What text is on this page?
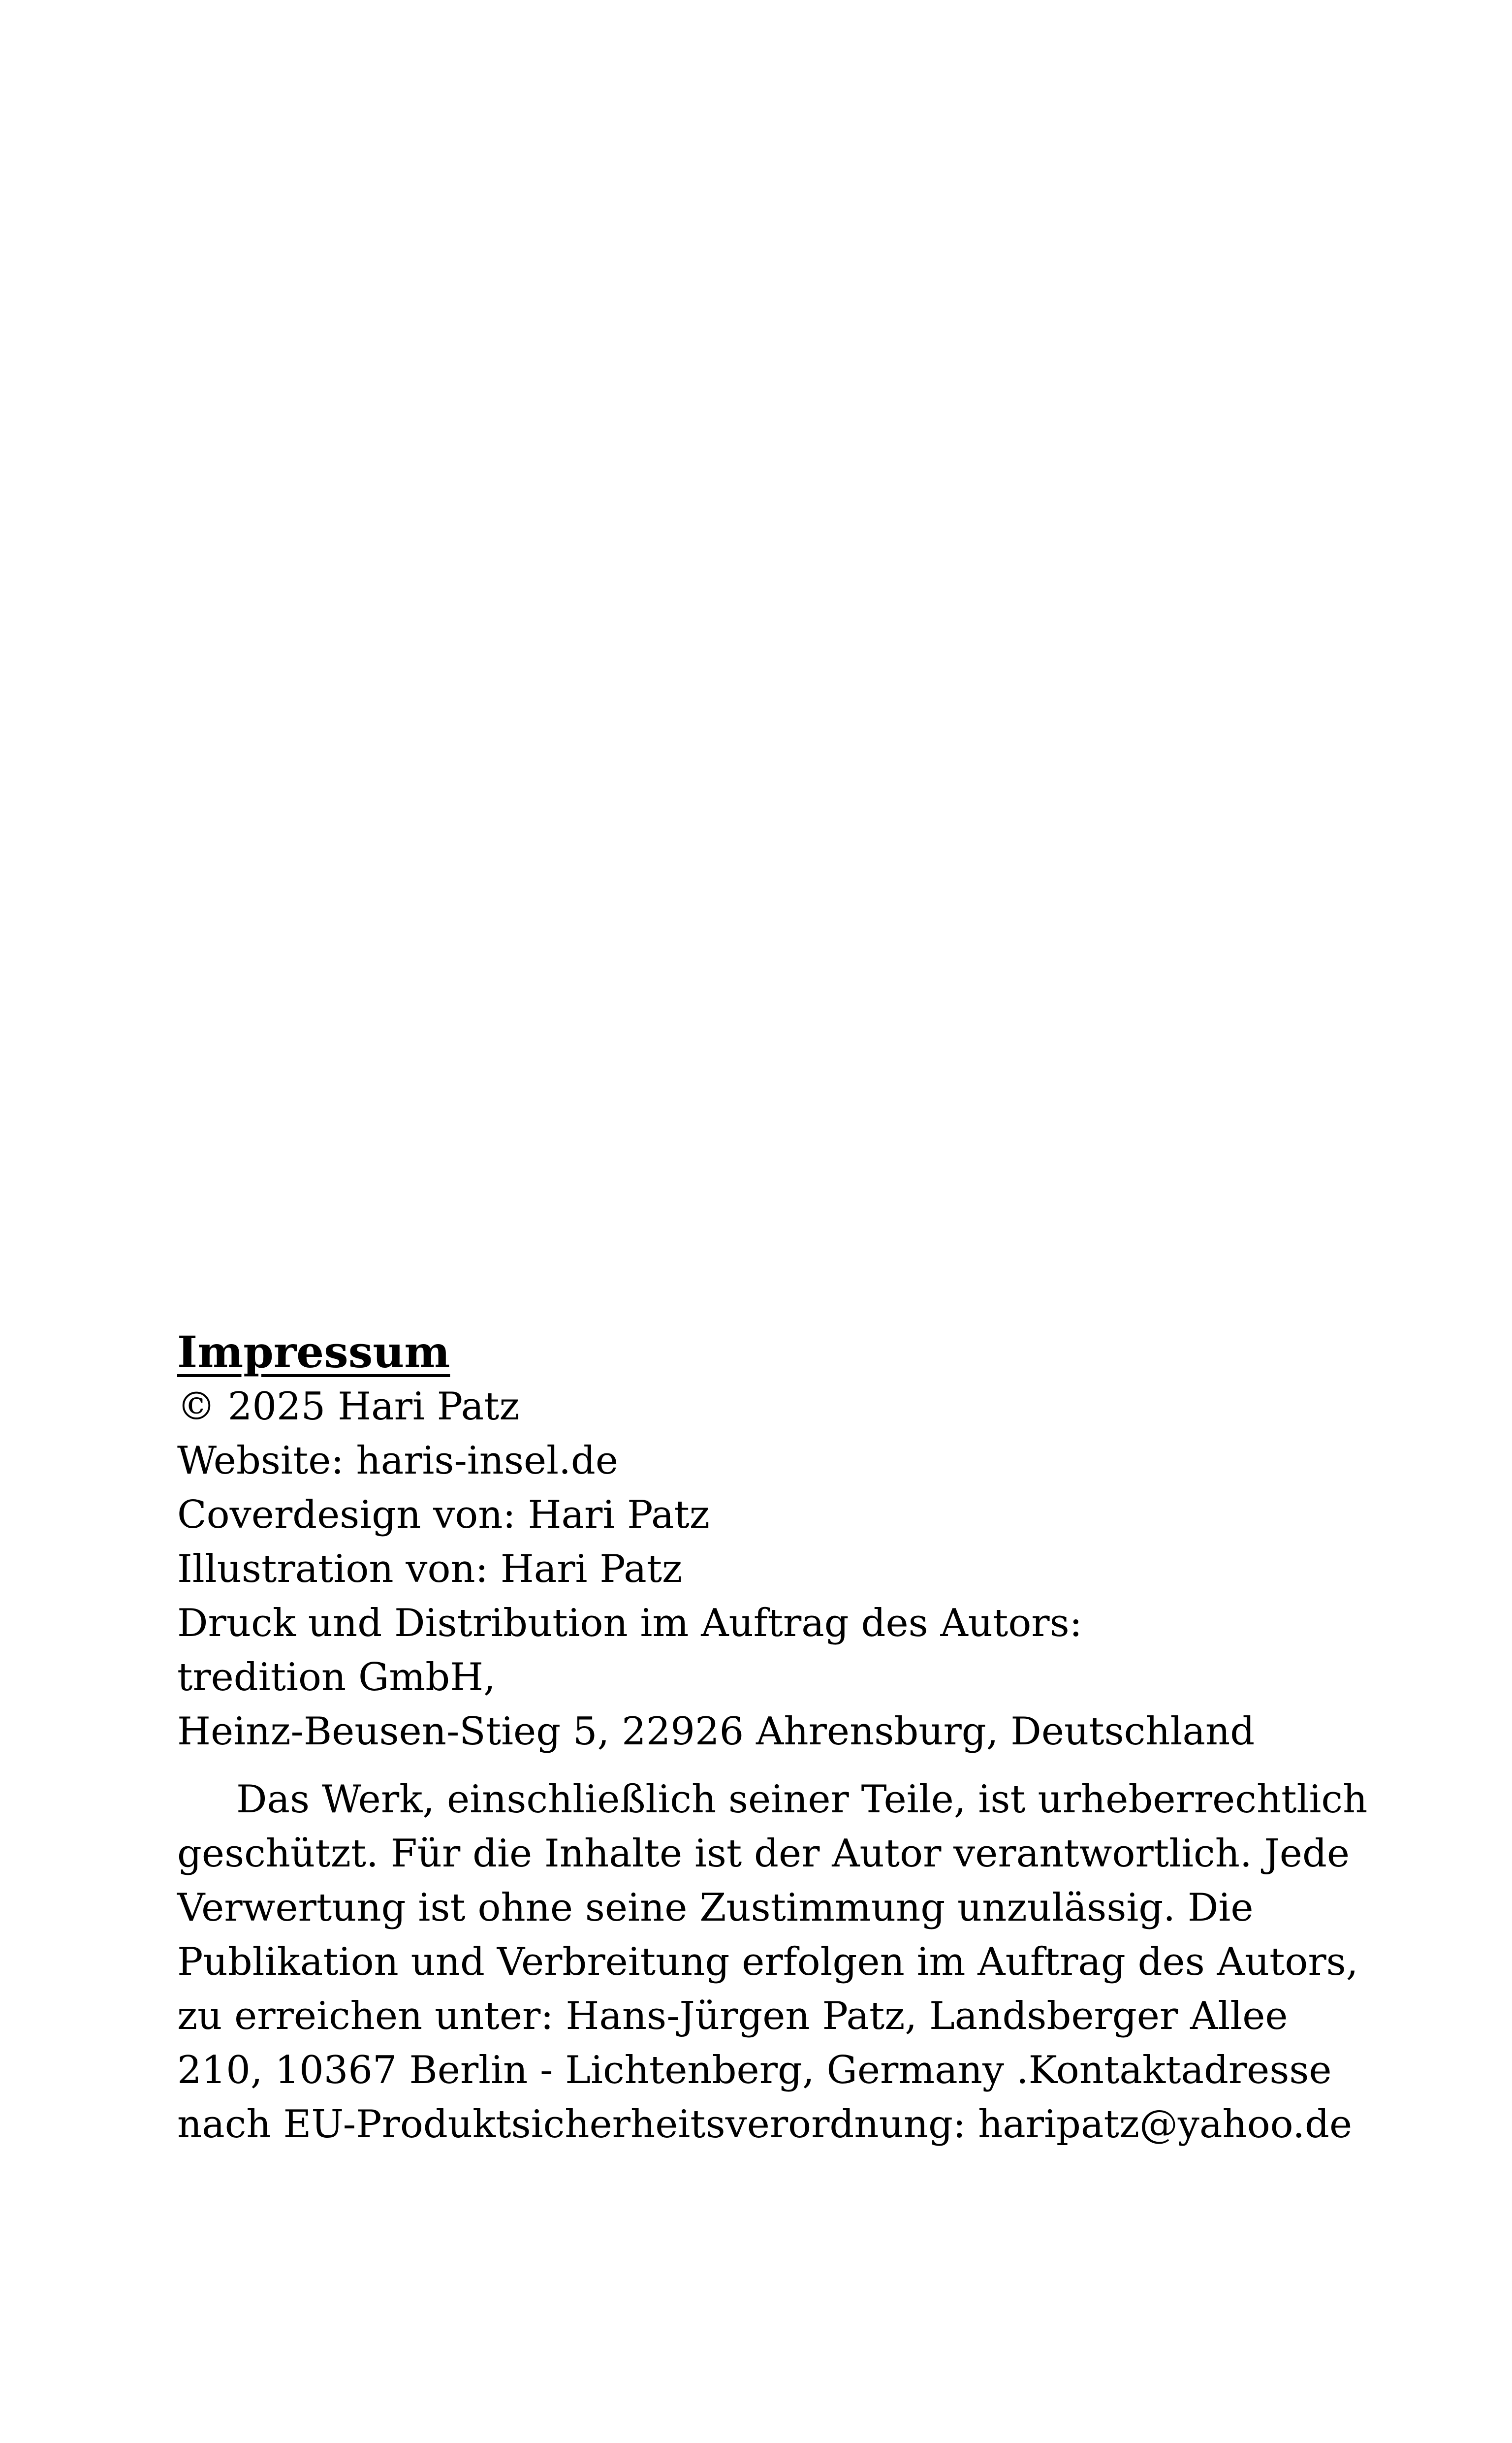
Impressum
© 2025 Hari Patz
Website: haris-insel.de
Coverdesign von: Hari Patz
Illustration von: Hari Patz
Druck und Distribution im Auftrag des Autors:
tredition GmbH,
Heinz-Beusen-Stieg 5, 22926 Ahrensburg, Deutschland
Das Werk, einschließlich seiner Teile, ist urheberrechtlich
geschützt. Für die Inhalte ist der Autor verantwortlich. Jede
Verwertung ist ohne seine Zustimmung unzulässig. Die
Publikation und Verbreitung erfolgen im Auftrag des Autors,
zu erreichen unter: Hans-Jürgen Patz, Landsberger Allee
210, 10367 Berlin - Lichtenberg, Germany .Kontaktadresse
nach EU-Produktsicherheitsverordnung: haripatz@yahoo.de
